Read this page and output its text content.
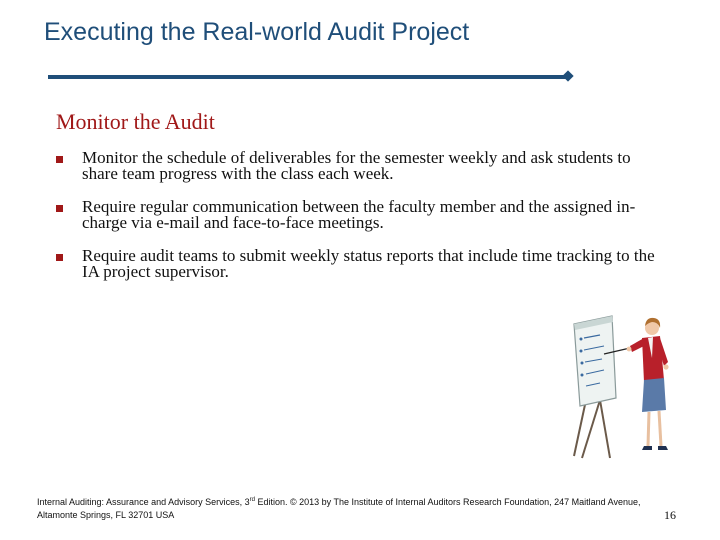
Executing the Real-world Audit Project
Monitor the Audit
Monitor the schedule of deliverables for the semester weekly and ask students to share team progress with the class each week.
Require regular communication between the faculty member and the assigned in-charge via e-mail and face-to-face meetings.
Require audit teams to submit weekly status reports that include time tracking to the IA project supervisor.
Internal Auditing: Assurance and Advisory Services, 3rd Edition. © 2013 by The Institute of Internal Auditors Research Foundation, 247 Maitland Avenue, Altamonte Springs, FL 32701 USA	16
